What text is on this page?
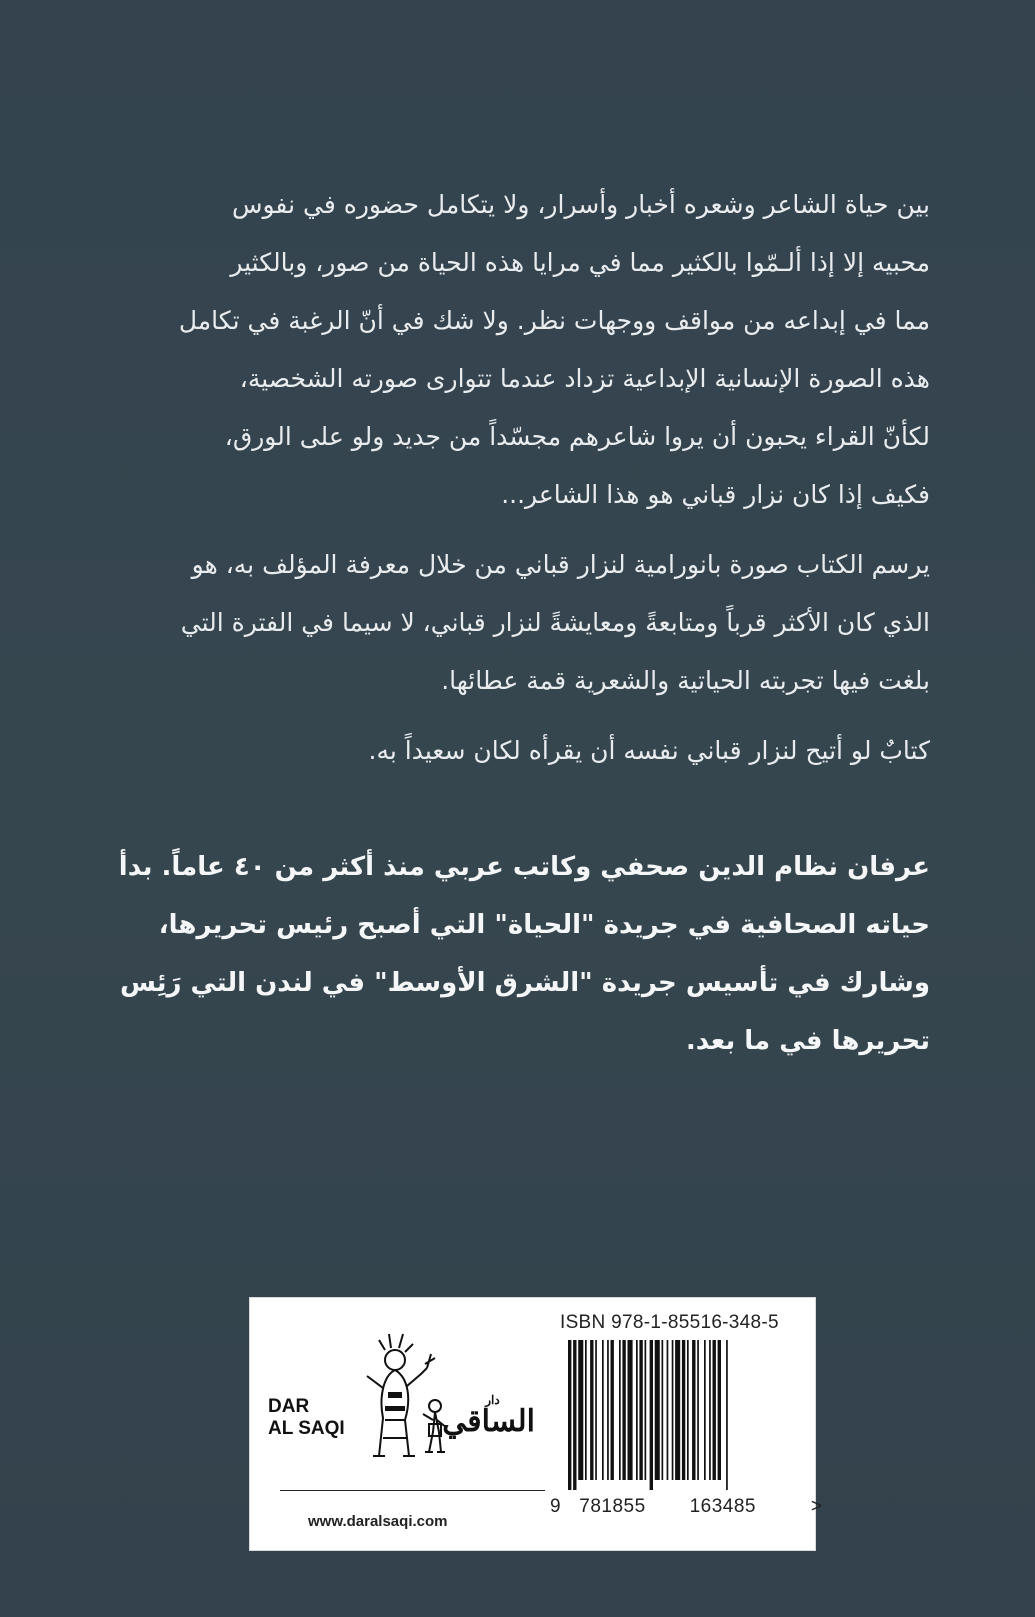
بين حياة الشاعر وشعره أخبار وأسرار، ولا يتكامل حضوره في نفوس
محبيه إلا إذا ألـمّوا بالكثير مما في مرايا هذه الحياة من صور، وبالكثير
مما في إبداعه من مواقف ووجهات نظر. ولا شك في أنّ الرغبة في تكامل
هذه الصورة الإنسانية الإبداعية تزداد عندما تتوارى صورته الشخصية،
لكأنّ القراء يحبون أن يروا شاعرهم مجسّداً من جديد ولو على الورق،
فكيف إذا كان نزار قباني هو هذا الشاعر...
يرسم الكتاب صورة بانورامية لنزار قباني من خلال معرفة المؤلف به، هو
الذي كان الأكثر قرباً ومتابعةً ومعايشةً لنزار قباني، لا سيما في الفترة التي
بلغت فيها تجربته الحياتية والشعرية قمة عطائها.
كتابٌ لو أتيح لنزار قباني نفسه أن يقرأه لكان سعيداً به.
عرفان نظام الدين صحفي وكاتب عربي منذ أكثر من ٤٠ عاماً. بدأ
حياته الصحافية في جريدة "الحياة" التي أصبح رئيس تحريرها،
وشارك في تأسيس جريدة "الشرق الأوسط" في لندن التي رَئِس
تحريرها في ما بعد.
DAR
AL SAQI
دار
الساقي
www.daralsaqi.com
ISBN 978-1-85516-348-5
9 781855 163485	>
